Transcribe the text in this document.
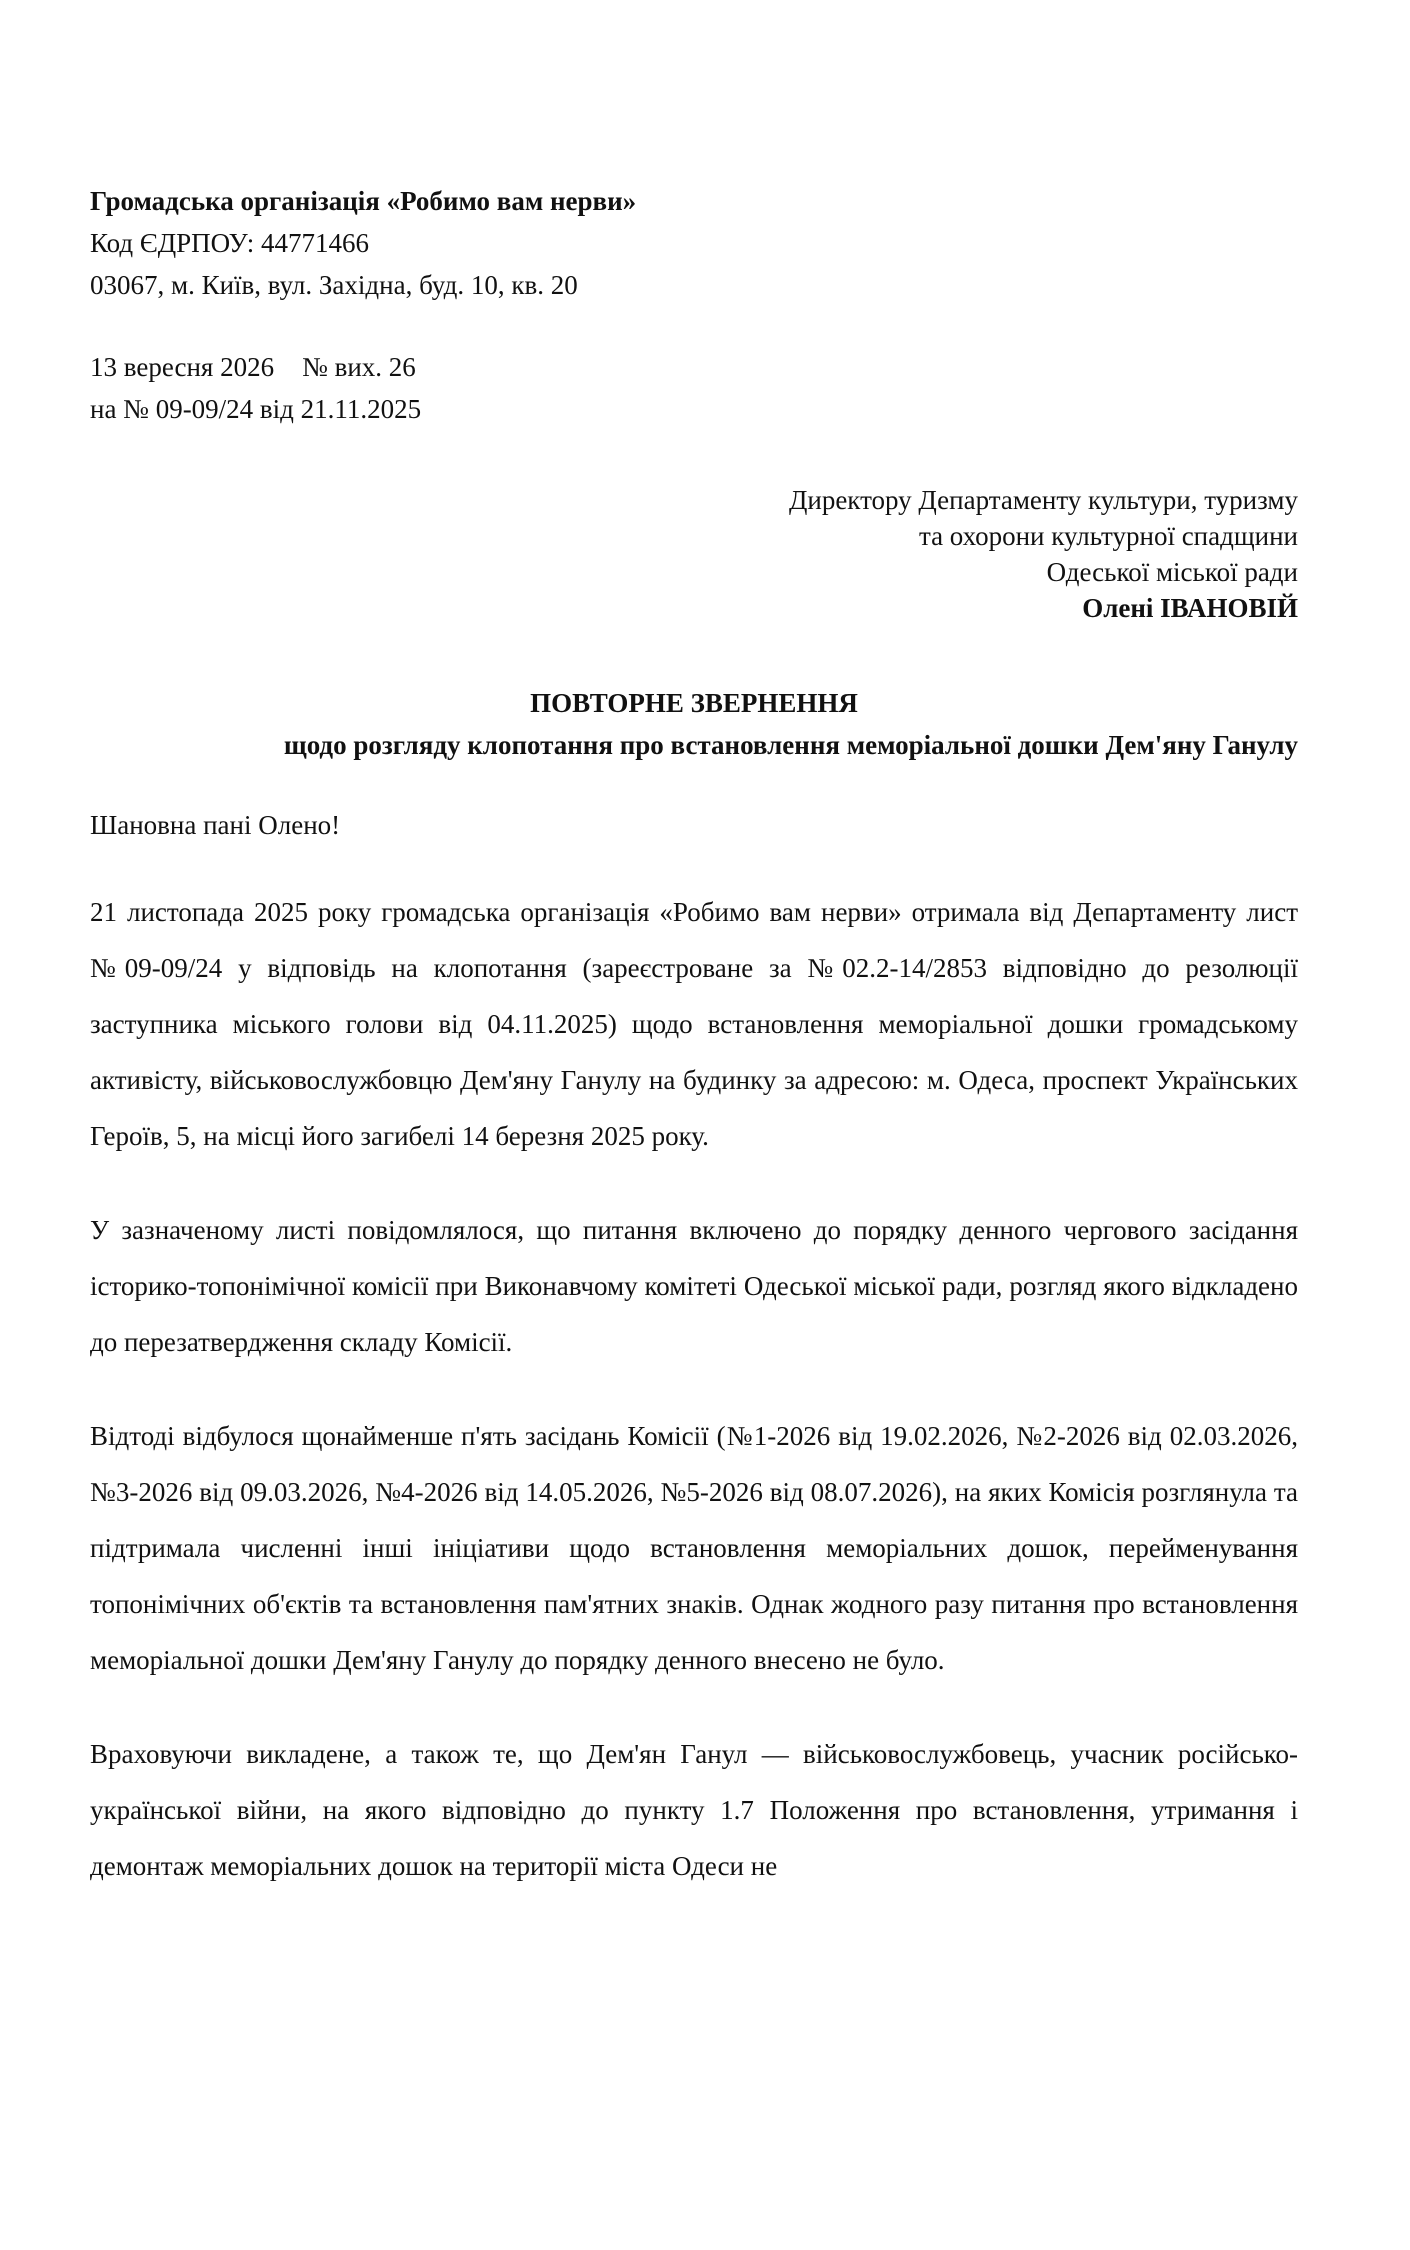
Громадська організація «Робимо вам нерви»
Код ЄДРПОУ: 44771466
03067, м. Київ, вул. Західна, буд. 10, кв. 20
13 вересня 2026 № вих. 26
на № 09-09/24 від 21.11.2025
Директору Департаменту культури, туризму
та охорони культурної спадщини
Одеської міської ради
Олені ІВАНОВІЙ
ПОВТОРНЕ ЗВЕРНЕННЯ
щодо розгляду клопотання про встановлення меморіальної дошки Дем'яну Ганулу
Шановна пані Олено!
21 листопада 2025 року громадська організація «Робимо вам нерви» отримала від Департаменту лист №09-09/24 у відповідь на клопотання (зареєстроване за №02.2-14/2853 відповідно до резолюції заступника міського голови від 04.11.2025) щодо встановлення меморіальної дошки громадському активісту, військовослужбовцю Дем'яну Ганулу на будинку за адресою: м. Одеса, проспект Українських Героїв, 5, на місці його загибелі 14 березня 2025 року.
У зазначеному листі повідомлялося, що питання включено до порядку денного чергового засідання історико-топонімічної комісії при Виконавчому комітеті Одеської міської ради, розгляд якого відкладено до перезатвердження складу Комісії.
Відтоді відбулося щонайменше п'ять засідань Комісії (№1-2026 від 19.02.2026, №2-2026 від 02.03.2026, №3-2026 від 09.03.2026, №4-2026 від 14.05.2026, №5-2026 від 08.07.2026), на яких Комісія розглянула та підтримала численні інші ініціативи щодо встановлення меморіальних дошок, перейменування топонімічних об'єктів та встановлення пам'ятних знаків. Однак жодного разу питання про встановлення меморіальної дошки Дем'яну Ганулу до порядку денного внесено не було.
Враховуючи викладене, а також те, що Дем'ян Ганул — військовослужбовець, учасник російсько-української війни, на якого відповідно до пункту 1.7 Положення про встановлення, утримання і демонтаж меморіальних дошок на території міста Одеси не
